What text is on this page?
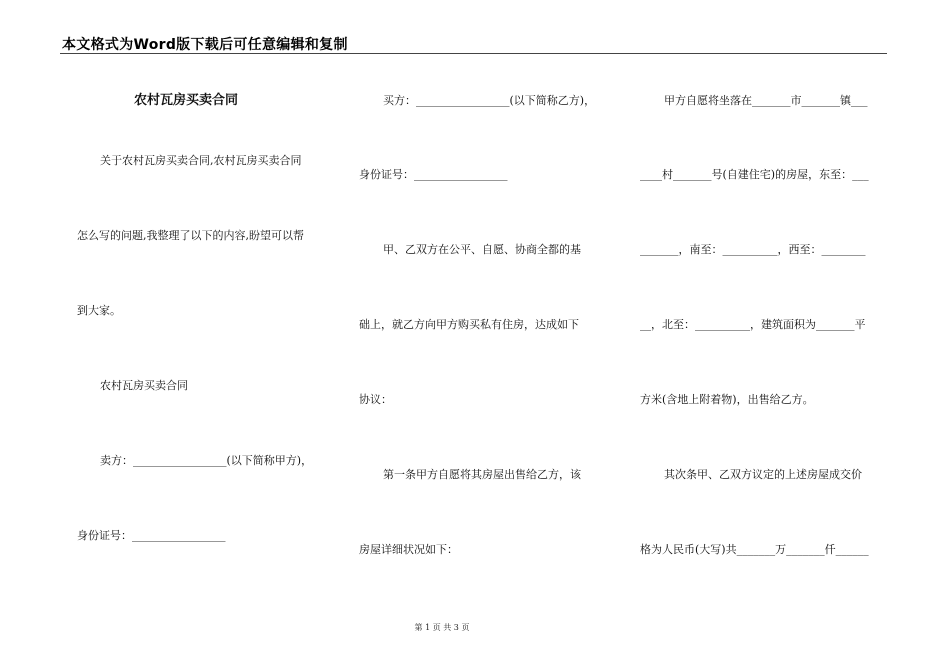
本文格式为Word版下载后可任意编辑和复制
农村瓦房买卖合同
关于农村瓦房买卖合同,农村瓦房买卖合同
怎么写的问题,我整理了以下的内容,盼望可以帮
到大家。
农村瓦房买卖合同
卖方：_________________(以下简称甲方)，
身份证号：_________________
买方：_________________(以下简称乙方)，
身份证号：_________________
甲、乙双方在公平、自愿、协商全都的基
础上，就乙方向甲方购买私有住房，达成如下
协议：
第一条甲方自愿将其房屋出售给乙方，该
房屋详细状况如下：
甲方自愿将坐落在_______市_______镇___
____村_______号(自建住宅)的房屋，东至：___
_______，南至：__________，西至：________
__，北至：__________，建筑面积为_______平
方米(含地上附着物)，出售给乙方。
其次条甲、乙双方议定的上述房屋成交价
格为人民币(大写)共_______万_______仟______
第 1 页 共 3 页
